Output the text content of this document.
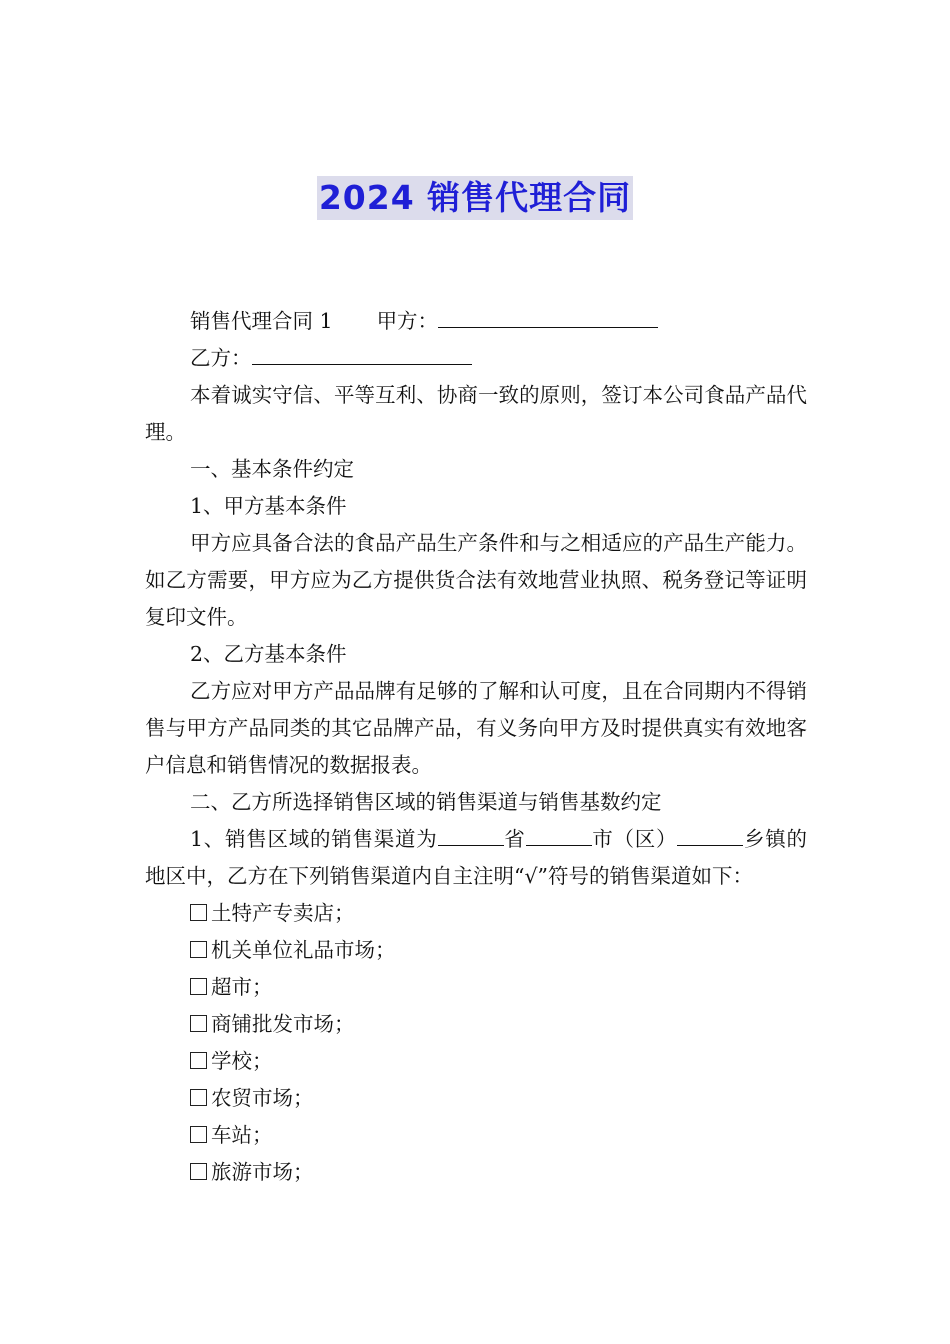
2024 销售代理合同

销售代理合同 1 甲方：

乙方：

本着诚实守信、平等互利、协商一致的原则，签订本公司食品产品代理。

一、基本条件约定

1、甲方基本条件

甲方应具备合法的食品产品生产条件和与之相适应的产品生产能力。如乙方需要，甲方应为乙方提供货合法有效地营业执照、税务登记等证明复印文件。

2、乙方基本条件

乙方应对甲方产品品牌有足够的了解和认可度，且在合同期内不得销售与甲方产品同类的其它品牌产品，有义务向甲方及时提供真实有效地客户信息和销售情况的数据报表。

二、乙方所选择销售区域的销售渠道与销售基数约定

1、销售区域的销售渠道为	省	市（区）	乡镇的地区中，乙方在下列销售渠道内自主注明“√”符号的销售渠道如下：

土特产专卖店；

机关单位礼品市场；

超市；

商铺批发市场；

学校；

农贸市场；

车站；

旅游市场；
